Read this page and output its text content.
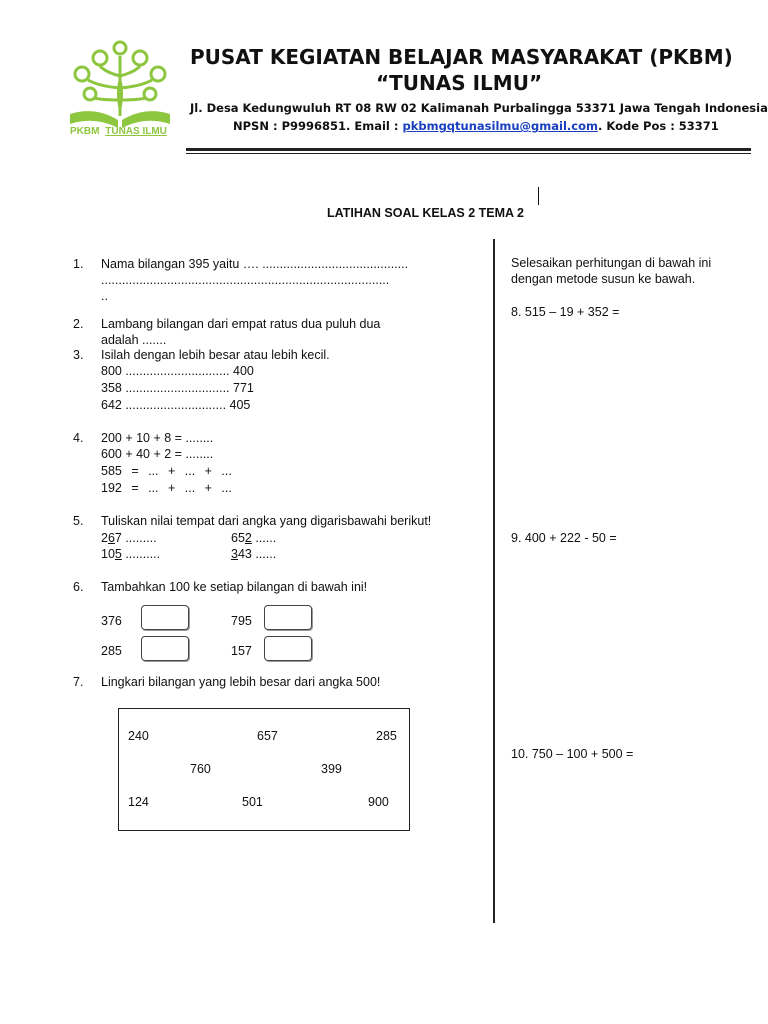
PKBM TUNAS ILMU
PUSAT KEGIATAN BELAJAR MASYARAKAT (PKBM)
“TUNAS ILMU”
Jl. Desa Kedungwuluh RT 08 RW 02 Kalimanah Purbalingga 53371 Jawa Tengah Indonesia
NPSN : P9996851. Email : pkbmgqtunasilmu@gmail.com. Kode Pos : 53371
LATIHAN SOAL KELAS 2 TEMA 2
1. Nama bilangan 395 yaitu …. ..........................................
...................................................................................
..
2. Lambang bilangan dari empat ratus dua puluh dua
adalah .......
3. Isilah dengan lebih besar atau lebih kecil.
800 .............................. 400
358 .............................. 771
642 ............................. 405
4. 200 + 10 + 8 = ........
600 + 40 + 2 = ........
585 = ... + ... + ...
192 = ... + ... + ...
5. Tuliskan nilai tempat dari angka yang digarisbawahi berikut!
267 .........	652 ......
105 ..........	343 ......
6. Tambahkan 100 ke setiap bilangan di bawah ini!
376	795
285	157
7. Lingkari bilangan yang lebih besar dari angka 500!
240	657	285
760	399
124	501	900
Selesaikan perhitungan di bawah ini
dengan metode susun ke bawah.
8. 515 – 19 + 352 =
9. 400 + 222 - 50 =
10. 750 – 100 + 500 =
